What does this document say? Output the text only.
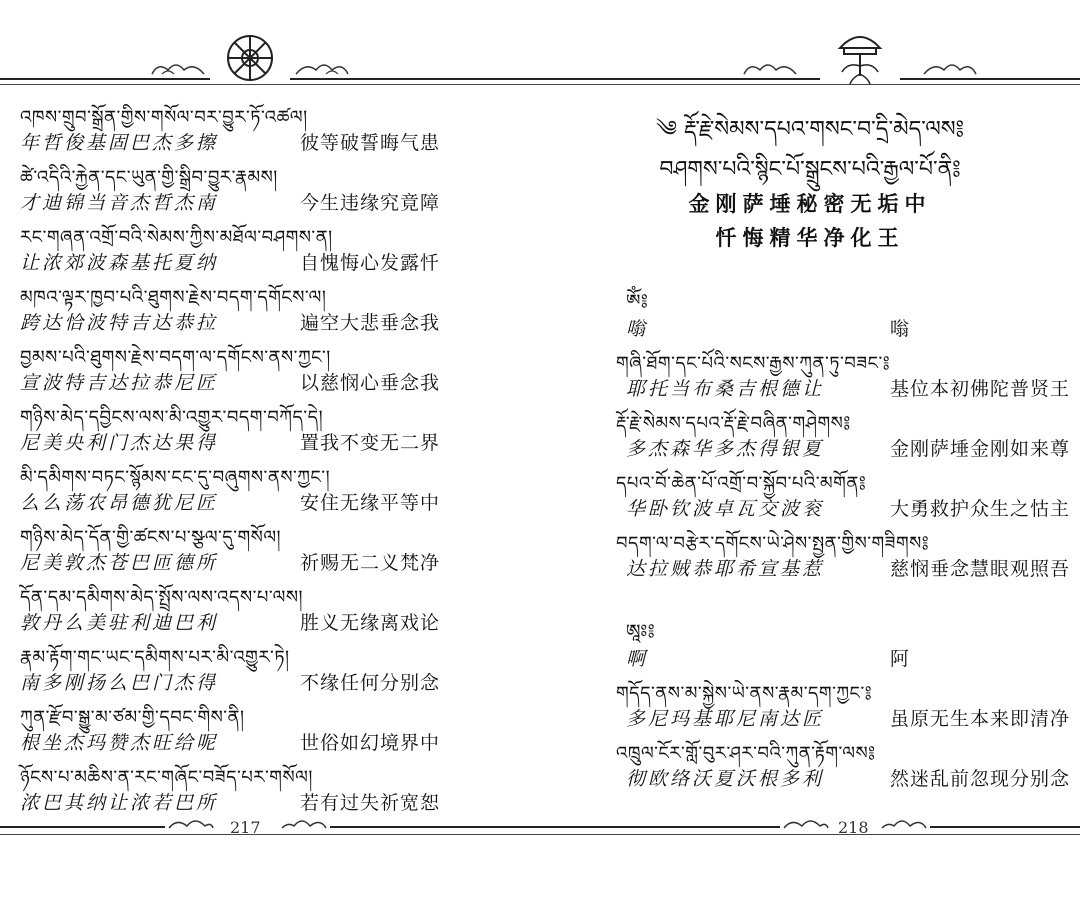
འཁས་གྲུབ་སྒྲོན་གྱིས་གསོལ་བར་བྱུར་ཏོ་འཚལ།
年哲俊基固巴杰多擦	彼等破誓晦气患
ཚེ་འདིའི་རྐྱེན་དང་ཡུན་གྱི་སྒྲིབ་བྱུར་རྣམས།
才迪锦当音杰哲杰南	今生违缘究竟障
རང་གཞན་འགྲོ་བའི་སེམས་ཀྱིས་མཐོལ་བཤགས་ན།
让浓郊波森基托夏纳	自愧悔心发露忏
མཁའ་ལྟར་ཁྱབ་པའི་ཐུགས་རྗེས་བདག་དགོངས་ལ།
跨达恰波特吉达恭拉	遍空大悲垂念我
བྱམས་པའི་ཐུགས་རྗེས་བདག་ལ་དགོངས་ནས་ཀྱང་།
宣波特吉达拉恭尼匠	以慈悯心垂念我
གཉིས་མེད་དབྱིངས་ལས་མི་འགྱུར་བདག་བཀོད་དེ།
尼美央利门杰达果得	置我不变无二界
མི་དམིགས་བཏང་སྙོམས་ངང་དུ་བཞུགས་ནས་ཀྱང་།
么么荡农昂德犹尼匠	安住无缘平等中
གཉིས་མེད་དོན་གྱི་ཚངས་པ་སྩལ་དུ་གསོལ།
尼美敦杰苍巴匝德所	祈赐无二义梵净
དོན་དམ་དམིགས་མེད་སྤྲོས་ལས་འདས་པ་ལས།
敦丹么美驻利迪巴利	胜义无缘离戏论
རྣམ་རྟོག་གང་ཡང་དམིགས་པར་མི་འགྱུར་ཏེ།
南多刚扬么巴门杰得	不缘任何分别念
ཀུན་རྫོབ་སྒྱུ་མ་ཙམ་གྱི་དབང་གིས་ནི།
根坐杰玛赞杰旺给呢	世俗如幻境界中
ཉོངས་པ་མཆིས་ན་རང་གཞོང་བཟོད་པར་གསོལ།
浓巴其纳让浓若巴所	若有过失祈宽恕
217	218
༄ རྡོ་རྗེ་སེམས་དཔའ་གསང་བ་དྲི་མེད་ལས༔
བཤགས་པའི་སྙིང་པོ་སྒྲུངས་པའི་རྒྱལ་པོ་ནི༔
金刚萨埵秘密无垢中
忏悔精华净化王
ཨོཾ༔
嗡	嗡
གཞི་ཐོག་དང་པོའི་སངས་རྒྱས་ཀུན་ཏུ་བཟང་༔
耶托当布桑吉根德让	基位本初佛陀普贤王
རྡོ་རྗེ་སེམས་དཔའ་རྡོ་རྗེ་བཞིན་གཤེགས༔
多杰森华多杰得银夏	金刚萨埵金刚如来尊
དཔའ་བོ་ཆེན་པོ་འགྲོ་བ་སྐྱོབ་པའི་མགོན༔
华卧钦波卓瓦交波衮	大勇救护众生之怙主
བདག་ལ་བརྩེར་དགོངས་ཡེ་ཤེས་སྤྱན་གྱིས་གཟིགས༔
达拉贼恭耶希宣基惹	慈悯垂念慧眼观照吾
ཨཱཿ༔
啊	阿
གདོད་ནས་མ་སྐྱེས་ཡེ་ནས་རྣམ་དག་ཀྱང་༔
多尼玛基耶尼南达匠	虽原无生本来即清净
འཁྲུལ་ངོར་གློ་བུར་ཤར་བའི་ཀུན་རྟོག་ལས༔
彻欧络沃夏沃根多利	然迷乱前忽现分别念
